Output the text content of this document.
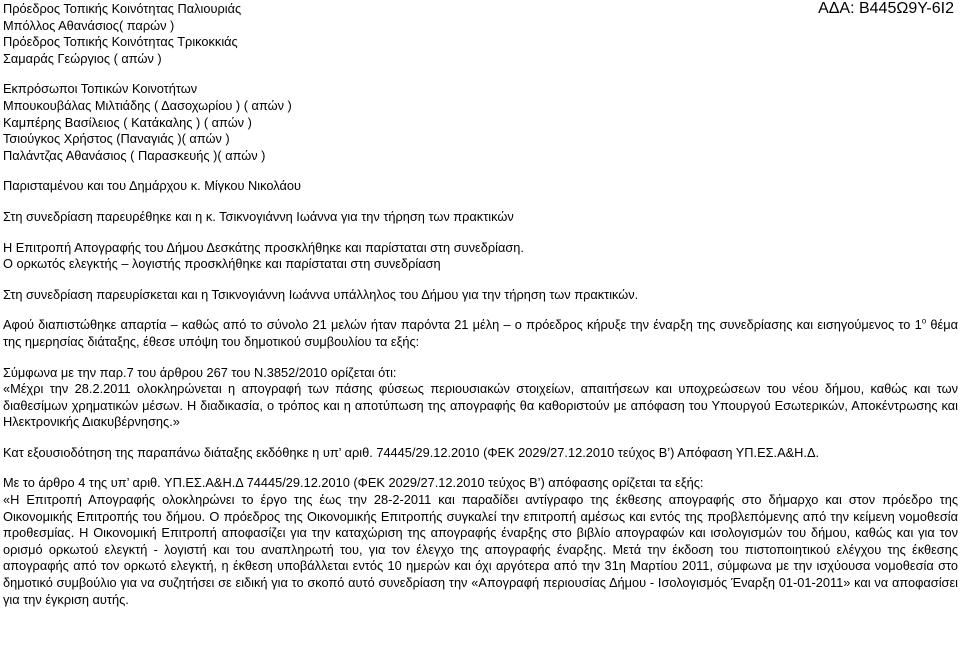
ΑΔΑ: Β445Ω9Υ-6Ι2
Πρόεδρος Τοπικής Κοινότητας Παλιουριάς
Μπόλλος Αθανάσιος( παρών )
Πρόεδρος Τοπικής Κοινότητας Τρικοκκιάς
Σαμαράς Γεώργιος ( απών )
Εκπρόσωποι Τοπικών Κοινοτήτων
Μπουκουβάλας Μιλτιάδης ( Δασοχωρίου ) ( απών )
Καμπέρης Βασίλειος ( Κατάκαλης ) ( απών )
Τσιούγκος Χρήστος (Παναγιάς )( απών )
Παλάντζας Αθανάσιος ( Παρασκευής )( απών )
Παρισταμένου και του Δημάρχου κ. Μίγκου Νικολάου
Στη συνεδρίαση παρευρέθηκε και η κ. Τσικνογιάννη Ιωάννα για την τήρηση των πρακτικών
Η Επιτροπή Απογραφής του Δήμου Δεσκάτης προσκλήθηκε και παρίσταται στη συνεδρίαση.
Ο ορκωτός ελεγκτής – λογιστής προσκλήθηκε και παρίσταται στη συνεδρίαση
Στη συνεδρίαση παρευρίσκεται και η Τσικνογιάννη Ιωάννα υπάλληλος του Δήμου για την τήρηση των πρακτικών.

Αφού διαπιστώθηκε απαρτία – καθώς από το σύνολο 21 μελών ήταν παρόντα 21 μέλη – ο πρόεδρος κήρυξε την έναρξη της συνεδρίασης και εισηγούμενος το $1^o$ θέμα της ημερησίας διάταξης, έθεσε υπόψη του δημοτικού συμβουλίου τα εξής:

Σύμφωνα με την παρ.7 του άρθρου 267 του Ν.3852/2010 ορίζεται ότι:

«Μέχρι την 28.2.2011 ολοκληρώνεται η απογραφή των πάσης φύσεως περιουσιακών στοιχείων, απαιτήσεων και υποχρεώσεων του νέου δήμου, καθώς και των διαθεσίμων χρηματικών μέσων. Η διαδικασία, ο τρόπος και η αποτύπωση της απογραφής θα καθοριστούν με απόφαση του Υπουργού Εσωτερικών, Αποκέντρωσης και Ηλεκτρονικής Διακυβέρνησης.»

Κατ εξουσιοδότηση της παραπάνω διάταξης εκδόθηκε η υπ’ αριθ. 74445/29.12.2010 (ΦΕΚ 2029/27.12.2010 τεύχος Β’) Απόφαση ΥΠ.ΕΣ.Α&Η.Δ.
Με το άρθρο 4 της υπ’ αριθ. ΥΠ.ΕΣ.Α&Η.Δ 74445/29.12.2010 (ΦΕΚ 2029/27.12.2010 τεύχος Β’) απόφασης ορίζεται τα εξής:

«Η Επιτροπή Απογραφής ολοκληρώνει το έργο της έως την 28-2-2011 και παραδίδει αντίγραφο της έκθεσης απογραφής στο δήμαρχο και στον πρόεδρο της Οικονομικής Επιτροπής του δήμου. Ο πρόεδρος της Οικονομικής Επιτροπής συγκαλεί την επιτροπή αμέσως και εντός της προβλεπόμενης από την κείμενη νομοθεσία προθεσμίας. Η Οικονομική Επιτροπή αποφασίζει για την καταχώριση της απογραφής έναρξης στο βιβλίο απογραφών και ισολογισμών του δήμου, καθώς και για τον ορισμό ορκωτού ελεγκτή - λογιστή και του αναπληρωτή του, για τον έλεγχο της απογραφής έναρξης. Μετά την έκδοση του πιστοποιητικού ελέγχου της έκθεσης απογραφής από τον ορκωτό ελεγκτή, η έκθεση υποβάλλεται εντός 10 ημερών και όχι αργότερα από την 31η Μαρτίου 2011, σύμφωνα με την ισχύουσα νομοθεσία στο δημοτικό συμβούλιο για να συζητήσει σε ειδική για το σκοπό αυτό συνεδρίαση την «Απογραφή περιουσίας Δήμου - Ισολογισμός Έναρξη 01-01-2011» και να αποφασίσει για την έγκριση αυτής.
